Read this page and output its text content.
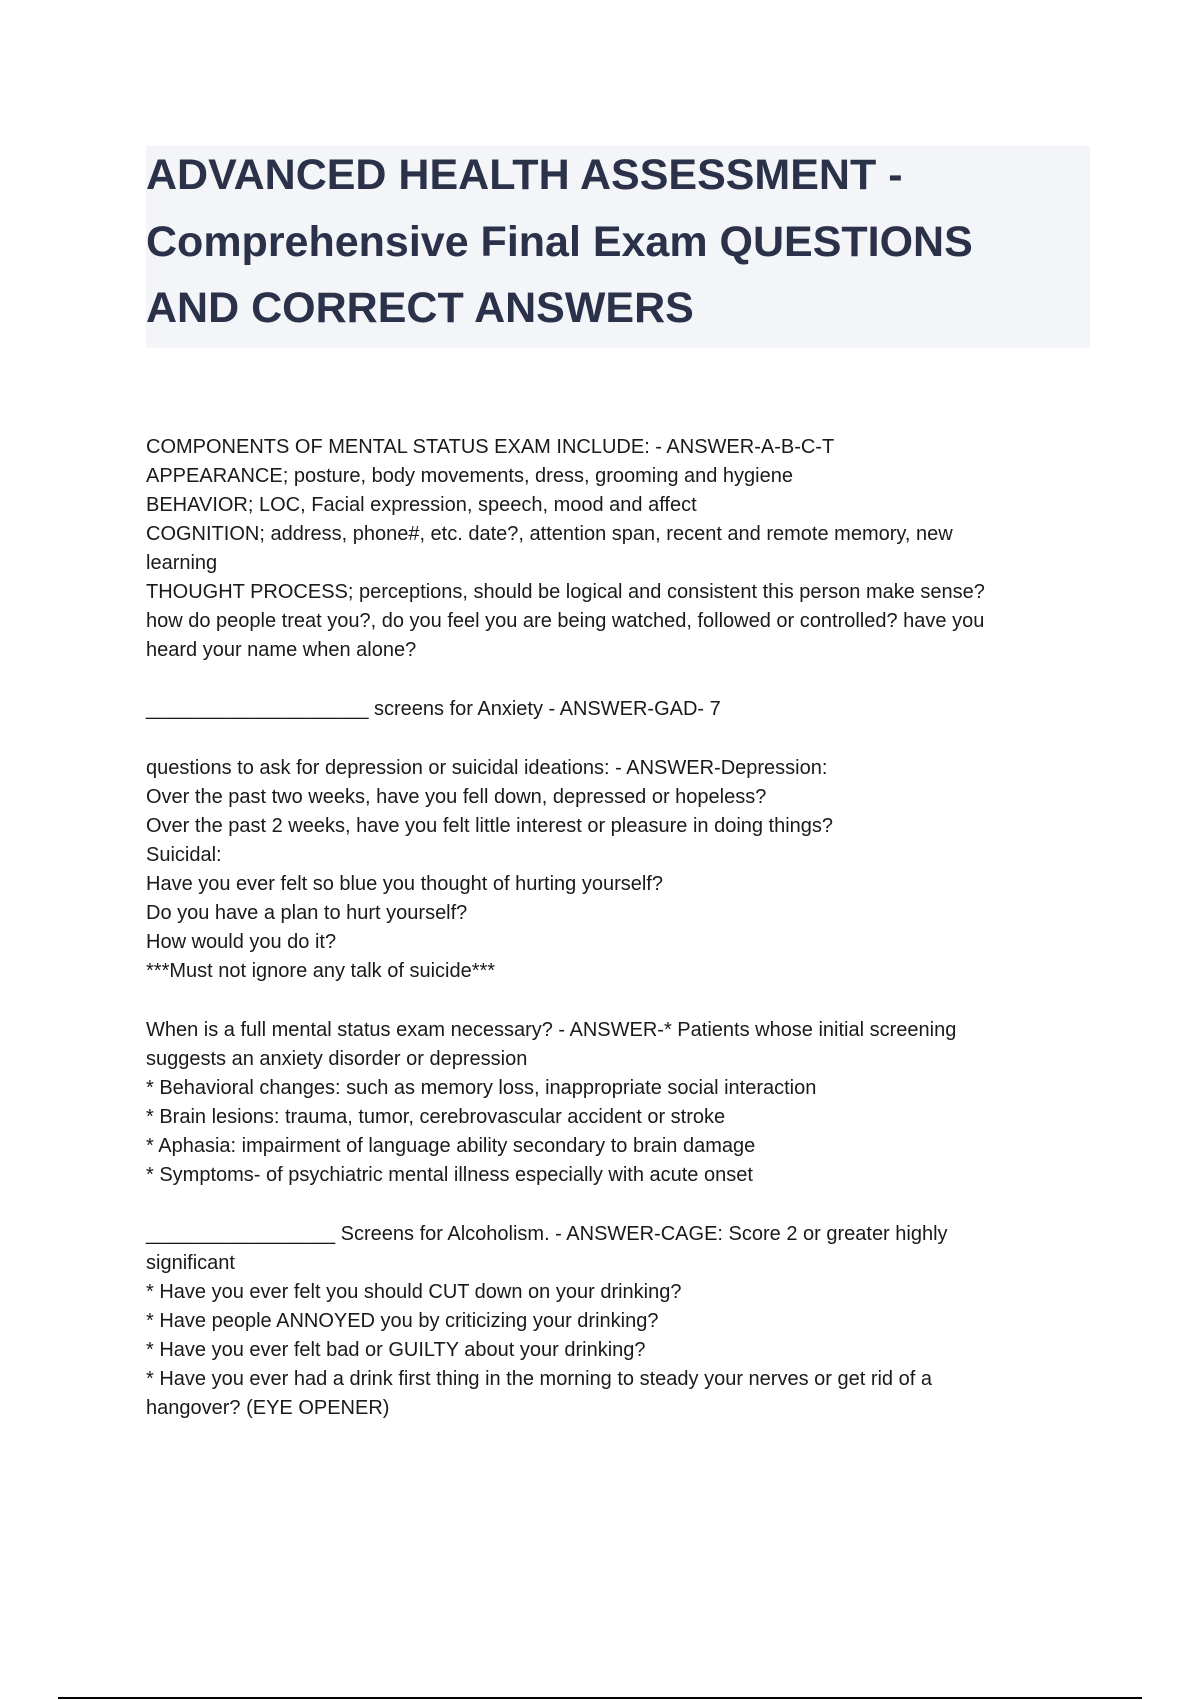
ADVANCED HEALTH ASSESSMENT -
Comprehensive Final Exam QUESTIONS
AND CORRECT ANSWERS
COMPONENTS OF MENTAL STATUS EXAM INCLUDE: - ANSWER-A-B-C-T
APPEARANCE; posture, body movements, dress, grooming and hygiene
BEHAVIOR; LOC, Facial expression, speech, mood and affect
COGNITION; address, phone#, etc. date?, attention span, recent and remote memory, new
learning
THOUGHT PROCESS; perceptions, should be logical and consistent this person make sense?
how do people treat you?, do you feel you are being watched, followed or controlled? have you
heard your name when alone?
____________________ screens for Anxiety - ANSWER-GAD- 7
questions to ask for depression or suicidal ideations: - ANSWER-Depression:
Over the past two weeks, have you fell down, depressed or hopeless?
Over the past 2 weeks, have you felt little interest or pleasure in doing things?
Suicidal:
Have you ever felt so blue you thought of hurting yourself?
Do you have a plan to hurt yourself?
How would you do it?
***Must not ignore any talk of suicide***
When is a full mental status exam necessary? - ANSWER-* Patients whose initial screening
suggests an anxiety disorder or depression
* Behavioral changes: such as memory loss, inappropriate social interaction
* Brain lesions: trauma, tumor, cerebrovascular accident or stroke
* Aphasia: impairment of language ability secondary to brain damage
* Symptoms- of psychiatric mental illness especially with acute onset
_________________ Screens for Alcoholism. - ANSWER-CAGE: Score 2 or greater highly
significant
* Have you ever felt you should CUT down on your drinking?
* Have people ANNOYED you by criticizing your drinking?
* Have you ever felt bad or GUILTY about your drinking?
* Have you ever had a drink first thing in the morning to steady your nerves or get rid of a
hangover? (EYE OPENER)
